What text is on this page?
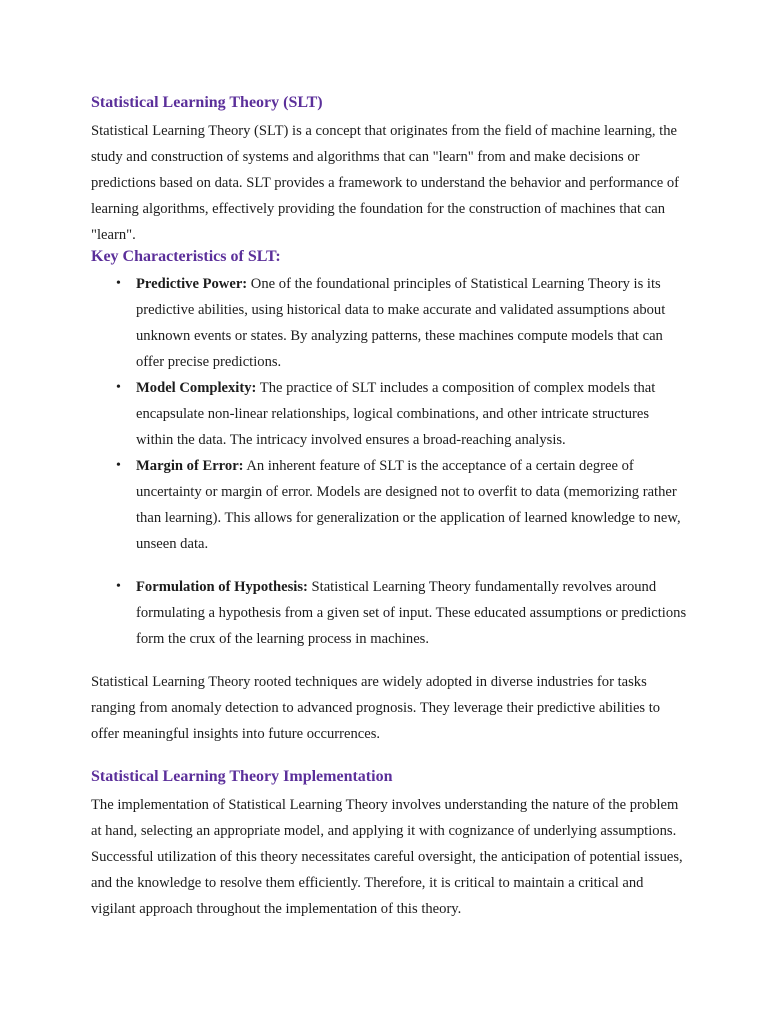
Statistical Learning Theory (SLT)

Statistical Learning Theory (SLT) is a concept that originates from the field of machine learning, the study and construction of systems and algorithms that can "learn" from and make decisions or predictions based on data. SLT provides a framework to understand the behavior and performance of learning algorithms, effectively providing the foundation for the construction of machines that can "learn".

Key Characteristics of SLT:
• Predictive Power: One of the foundational principles of Statistical Learning Theory is its predictive abilities, using historical data to make accurate and validated assumptions about unknown events or states. By analyzing patterns, these machines compute models that can offer precise predictions.
• Model Complexity: The practice of SLT includes a composition of complex models that encapsulate non-linear relationships, logical combinations, and other intricate structures within the data. The intricacy involved ensures a broad-reaching analysis.
• Margin of Error: An inherent feature of SLT is the acceptance of a certain degree of uncertainty or margin of error. Models are designed not to overfit to data (memorizing rather than learning). This allows for generalization or the application of learned knowledge to new, unseen data.
• Formulation of Hypothesis: Statistical Learning Theory fundamentally revolves around formulating a hypothesis from a given set of input. These educated assumptions or predictions form the crux of the learning process in machines.

Statistical Learning Theory rooted techniques are widely adopted in diverse industries for tasks ranging from anomaly detection to advanced prognosis. They leverage their predictive abilities to offer meaningful insights into future occurrences.

Statistical Learning Theory Implementation

The implementation of Statistical Learning Theory involves understanding the nature of the problem at hand, selecting an appropriate model, and applying it with cognizance of underlying assumptions. Successful utilization of this theory necessitates careful oversight, the anticipation of potential issues, and the knowledge to resolve them efficiently. Therefore, it is critical to maintain a critical and vigilant approach throughout the implementation of this theory.
